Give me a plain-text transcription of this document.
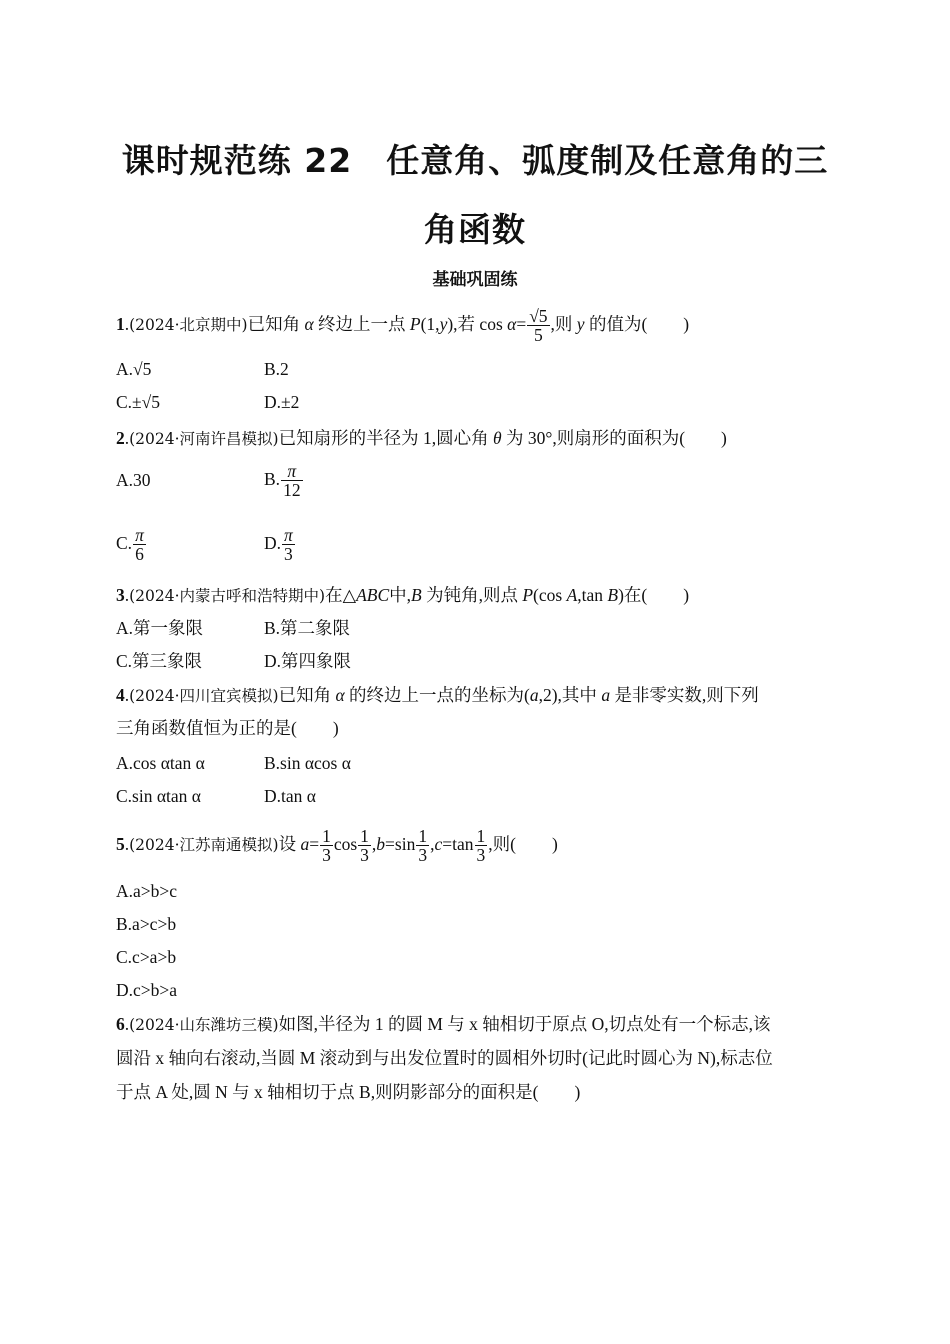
课时规范练 22　任意角、弧度制及任意角的三
角函数
基础巩固练
1.(2024·北京期中)已知角 α 终边上一点 P(1,y),若 $\cos \alpha= \frac{√5}{5}$ ,则 y 的值为( )
A.√5	B.2
C.±√5	D.±2
2.(2024·河南许昌模拟)已知扇形的半径为 1,圆心角 θ 为 30°,则扇形的面积为( )
A.30	B. $\frac{\pi}{12}$
C. $\frac{\pi}{6}$	D. $\frac{\pi}{3}$
3.(2024·内蒙古呼和浩特期中)在△ABC中,B 为钝角,则点 P(cos A,tan B)在( )
A.第一象限	B.第二象限
C.第三象限	D.第四象限
4.(2024·四川宜宾模拟)已知角 α 的终边上一点的坐标为(a,2),其中 a 是非零实数,则下列
三角函数值恒为正的是( )
A.cos αtan α	B.sin αcos α
C.sin αtan α	D.tan α
5.(2024·江苏南通模拟)设 $a= \frac{1}{3}$ $\cos \frac{1}{3} ,b=\sin \frac{1}{3} ,c=\tan \frac{1}{3}$ ,则( )
A.a>b>c
B.a>c>b
C.c>a>b
D.c>b>a
6.(2024·山东潍坊三模)如图,半径为 1 的圆 M 与 x 轴相切于原点 O,切点处有一个标志,该
圆沿 x 轴向右滚动,当圆 M 滚动到与出发位置时的圆相外切时(记此时圆心为 N),标志位
于点 A 处,圆 N 与 x 轴相切于点 B,则阴影部分的面积是( )
